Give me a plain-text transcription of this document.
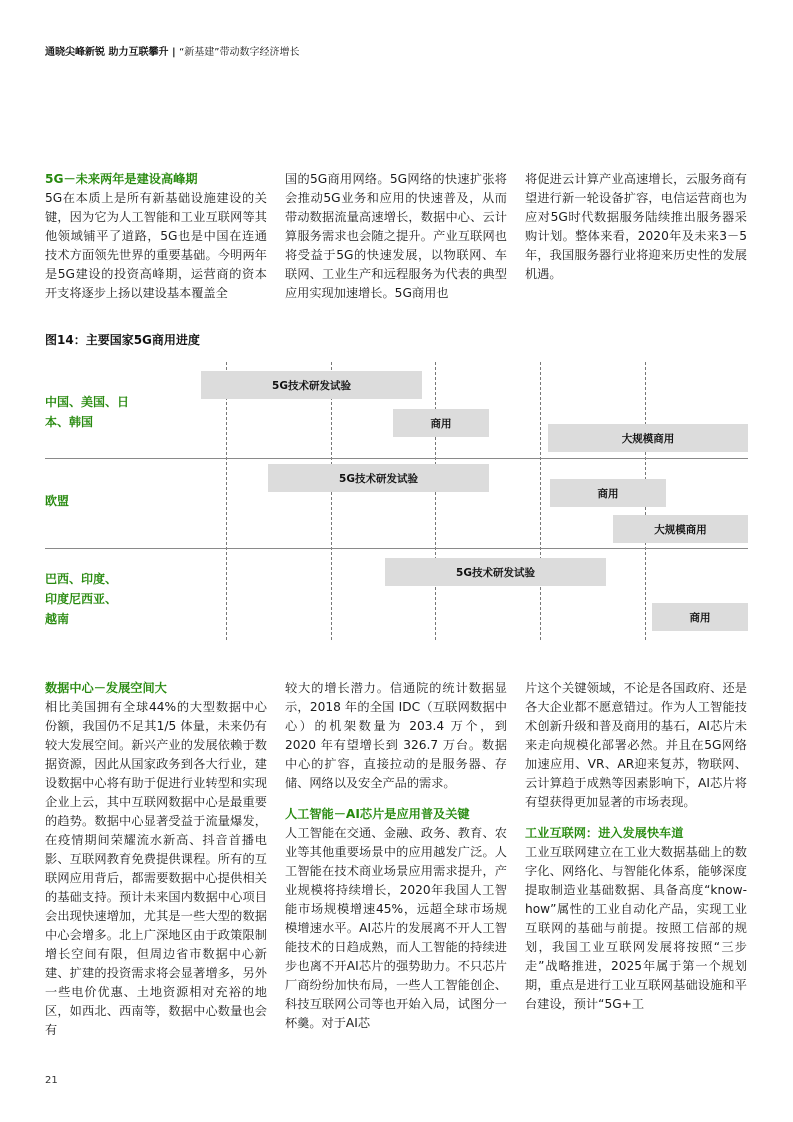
通晓尖峰新锐 助力互联攀升 | “新基建”带动数字经济增长
5G－未来两年是建设高峰期

5G在本质上是所有新基础设施建设的关键，因为它为人工智能和工业互联网等其他领域铺平了道路，5G也是中国在连通技术方面领先世界的重要基础。今明两年是5G建设的投资高峰期，运营商的资本开支将逐步上扬以建设基本覆盖全

国的5G商用网络。5G网络的快速扩张将会推动5G业务和应用的快速普及，从而带动数据流量高速增长，数据中心、云计算服务需求也会随之提升。产业互联网也将受益于5G的快速发展，以物联网、车联网、工业生产和远程服务为代表的典型应用实现加速增长。5G商用也

将促进云计算产业高速增长，云服务商有望进行新一轮设备扩容，电信运营商也为应对5G时代数据服务陆续推出服务器采购计划。整体来看，2020年及未来3－5年，我国服务器行业将迎来历史性的发展机遇。

图14：主要国家5G商用进度
中国、美国、日本、韩国
欧盟
巴西、印度、印度尼西亚、越南
5G技术研发试验
商用
大规模商用
5G技术研发试验
商用
大规模商用
5G技术研发试验
商用
数据中心－发展空间大

相比美国拥有全球44%的大型数据中心份额，我国仍不足其1/5 体量，未来仍有较大发展空间。新兴产业的发展依赖于数据资源，因此从国家政务到各大行业，建设数据中心将有助于促进行业转型和实现企业上云，其中互联网数据中心是最重要的趋势。数据中心显著受益于流量爆发，在疫情期间荣耀流水新高、抖音首播电影、互联网教育免费提供课程。所有的互联网应用背后，都需要数据中心提供相关的基础支持。预计未来国内数据中心项目会出现快速增加，尤其是一些大型的数据中心会增多。北上广深地区由于政策限制增长空间有限，但周边省市数据中心新建、扩建的投资需求将会显著增多，另外一些电价优惠、土地资源相对充裕的地区，如西北、西南等，数据中心数量也会有

较大的增长潜力。信通院的统计数据显示，2018 年的全国 IDC（互联网数据中心）的机架数量为 203.4 万个，到 2020 年有望增长到 326.7 万台。数据中心的扩容，直接拉动的是服务器、存储、网络以及安全产品的需求。

人工智能－AI芯片是应用普及关键

人工智能在交通、金融、政务、教育、农业等其他重要场景中的应用越发广泛。人工智能在技术商业场景应用需求提升，产业规模将持续增长，2020年我国人工智能市场规模增速45%，远超全球市场规模增速水平。AI芯片的发展离不开人工智能技术的日趋成熟，而人工智能的持续进步也离不开AI芯片的强势助力。不只芯片厂商纷纷加快布局，一些人工智能创企、科技互联网公司等也开始入局，试图分一杯羹。对于AI芯

片这个关键领域，不论是各国政府、还是各大企业都不愿意错过。作为人工智能技术创新升级和普及商用的基石，AI芯片未来走向规模化部署必然。并且在5G网络加速应用、VR、AR迎来复苏，物联网、云计算趋于成熟等因素影响下，AI芯片将有望获得更加显著的市场表现。

工业互联网：进入发展快车道

工业互联网建立在工业大数据基础上的数字化、网络化、与智能化体系，能够深度提取制造业基础数据、具备高度“know-how”属性的工业自动化产品，实现工业互联网的基础与前提。按照工信部的规划，我国工业互联网发展将按照“三步走”战略推进，2025年属于第一个规划期，重点是进行工业互联网基础设施和平台建设，预计“5G+工

21
